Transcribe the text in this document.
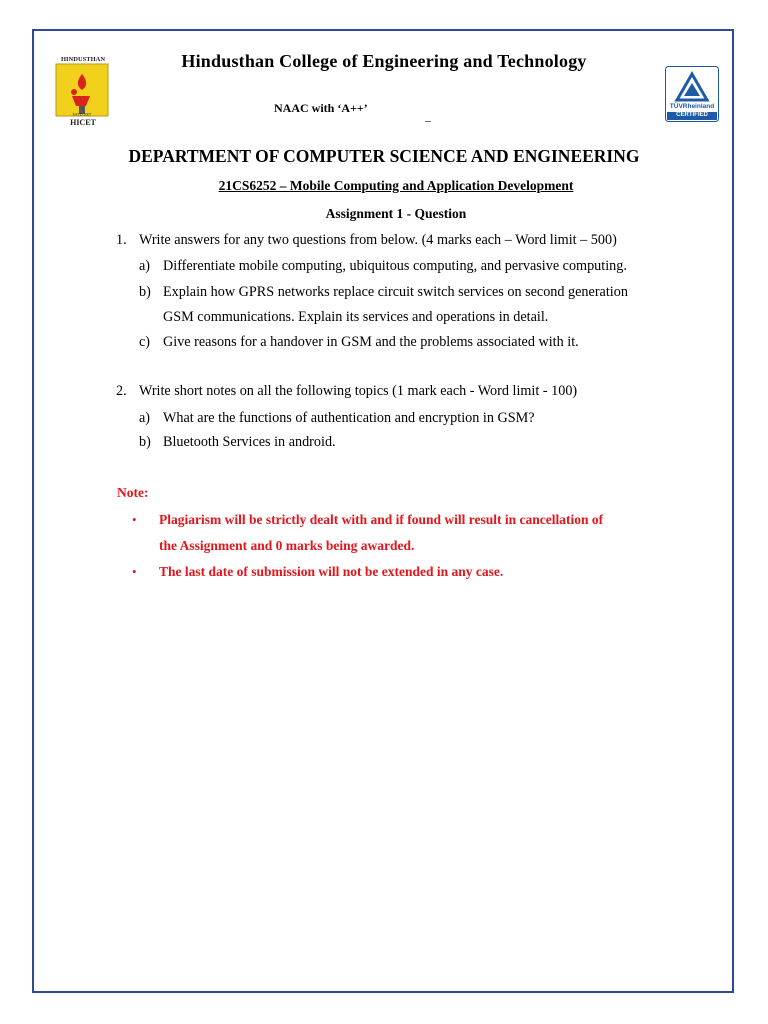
ESTD 2007
HINDUSTHAN
HICET
TÜVRheinland
CERTIFIED
Hindusthan College of Engineering and Technology
NAAC with ‘A++’
–
DEPARTMENT OF COMPUTER SCIENCE AND ENGINEERING
21CS6252 – Mobile Computing and Application Development
Assignment 1 - Question
1. Write answers for any two questions from below. (4 marks each – Word limit – 500)
a) Differentiate mobile computing, ubiquitous computing, and pervasive computing.
b) Explain how GPRS networks replace circuit switch services on second generation
GSM communications. Explain its services and operations in detail.
c) Give reasons for a handover in GSM and the problems associated with it.
2. Write short notes on all the following topics (1 mark each - Word limit - 100)
a) What are the functions of authentication and encryption in GSM?
b) Bluetooth Services in android.
Note:
• Plagiarism will be strictly dealt with and if found will result in cancellation of
the Assignment and 0 marks being awarded.
• The last date of submission will not be extended in any case.
